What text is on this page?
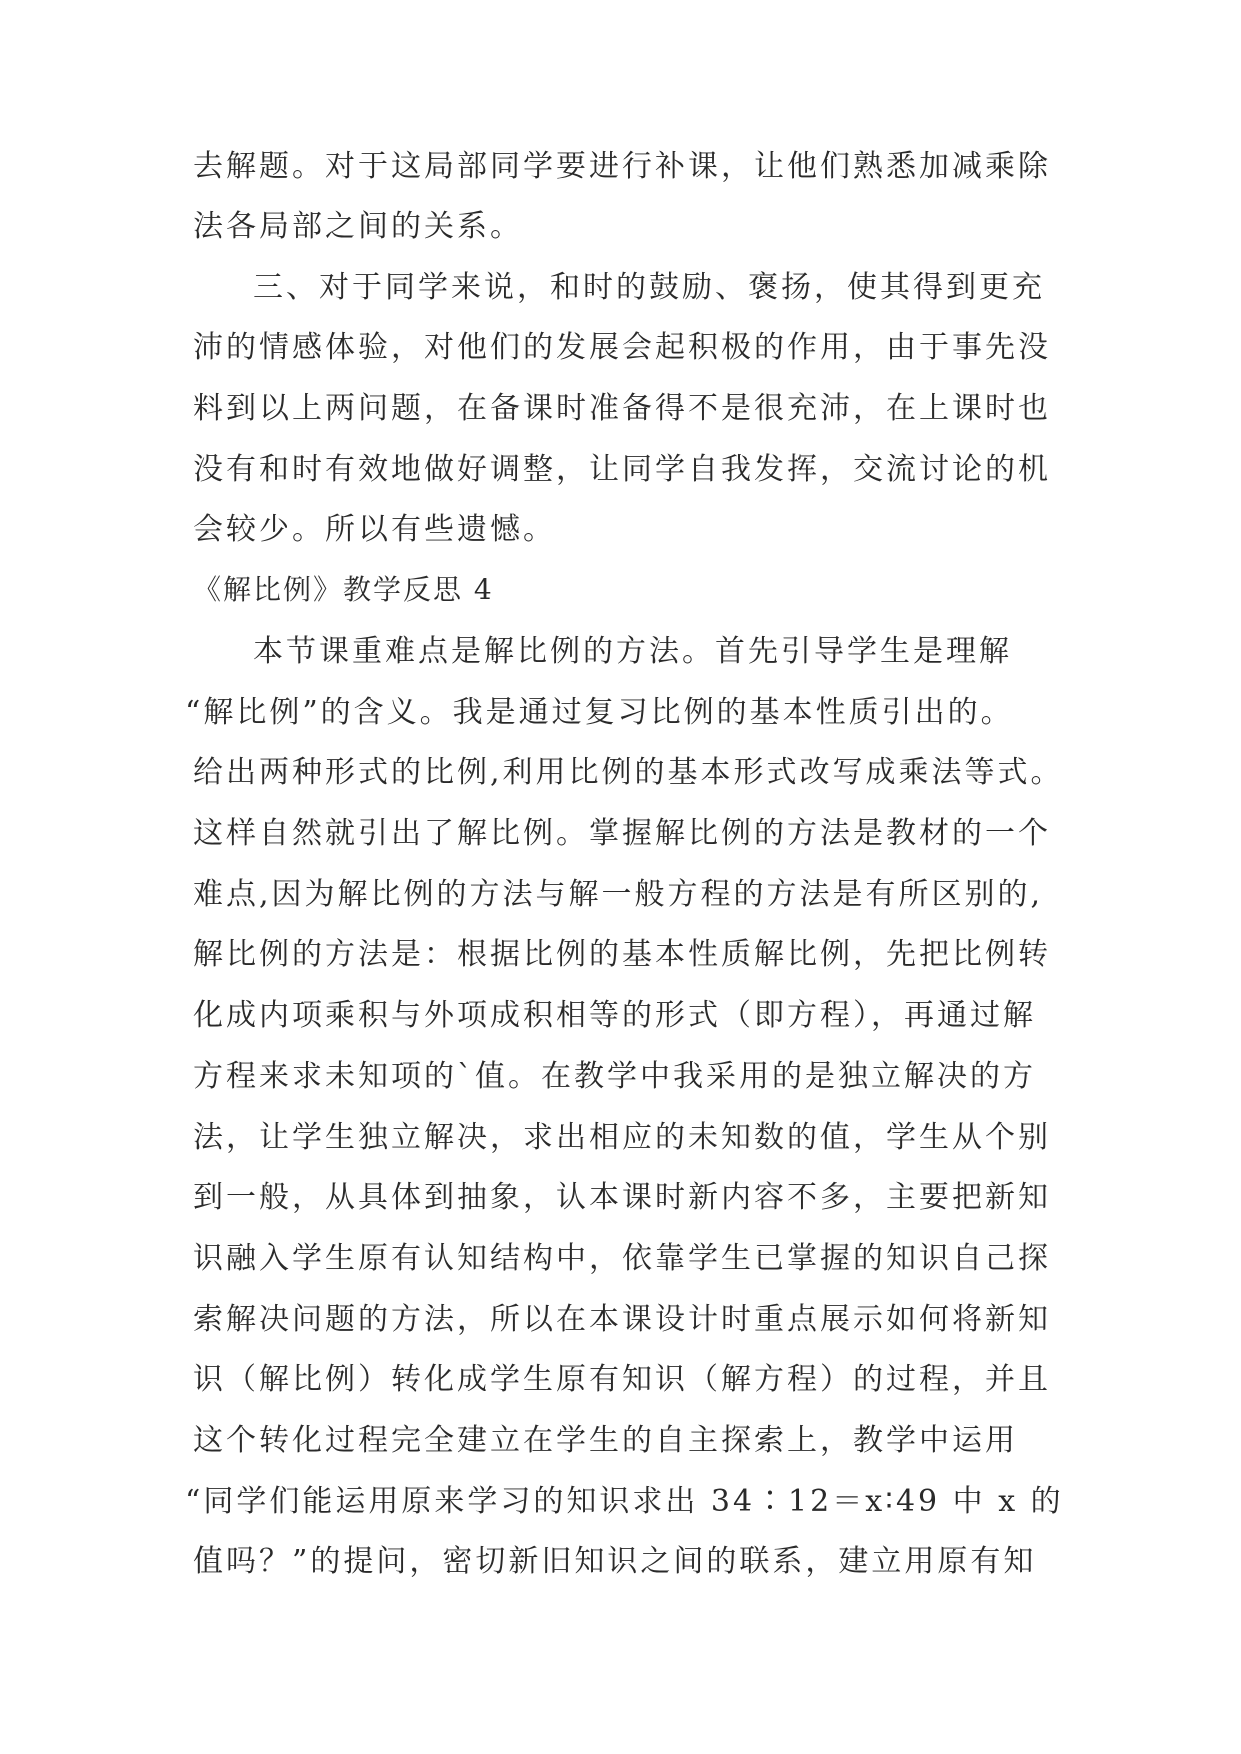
去解题。对于这局部同学要进行补课，让他们熟悉加减乘除
法各局部之间的关系。
三、对于同学来说，和时的鼓励、褒扬，使其得到更充
沛的情感体验，对他们的发展会起积极的作用，由于事先没
料到以上两问题，在备课时准备得不是很充沛，在上课时也
没有和时有效地做好调整，让同学自我发挥，交流讨论的机
会较少。所以有些遗憾。
《解比例》教学反思 4
本节课重难点是解比例的方法。首先引导学生是理解
“解比例”的含义。我是通过复习比例的基本性质引出的。
给出两种形式的比例,利用比例的基本形式改写成乘法等式。
这样自然就引出了解比例。掌握解比例的方法是教材的一个
难点,因为解比例的方法与解一般方程的方法是有所区别的,
解比例的方法是：根据比例的基本性质解比例，先把比例转
化成内项乘积与外项成积相等的形式（即方程），再通过解
方程来求未知项的`值。在教学中我采用的是独立解决的方
法，让学生独立解决，求出相应的未知数的值，学生从个别
到一般，从具体到抽象，认本课时新内容不多，主要把新知
识融入学生原有认知结构中，依靠学生已掌握的知识自己探
索解决问题的方法，所以在本课设计时重点展示如何将新知
识（解比例）转化成学生原有知识（解方程）的过程，并且
这个转化过程完全建立在学生的自主探索上，教学中运用
“同学们能运用原来学习的知识求出 34∶12＝x∶49 中 x 的
值吗？”的提问，密切新旧知识之间的联系，建立用原有知
